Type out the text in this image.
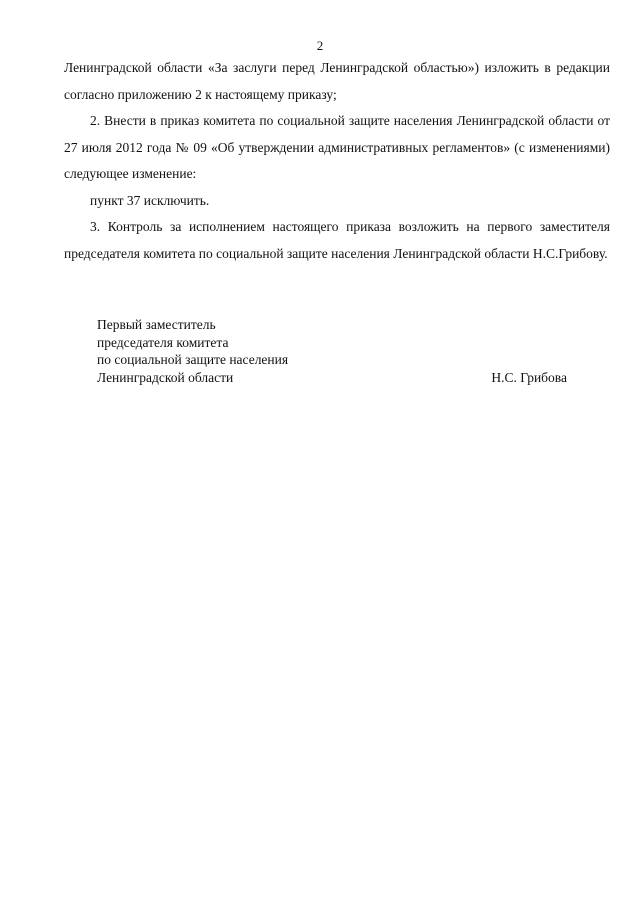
2

Ленинградской области «За заслуги перед Ленинградской областью») изложить в редакции согласно приложению 2 к настоящему приказу;

2. Внести в приказ комитета по социальной защите населения Ленинградской области от 27 июля 2012 года № 09 «Об утверждении административных регламентов» (с изменениями) следующее изменение:

пункт 37 исключить.

3. Контроль за исполнением настоящего приказа возложить на первого заместителя председателя комитета по социальной защите населения Ленинградской области Н.С.Грибову.

Первый заместитель
председателя комитета
по социальной защите населения
Ленинградской области	Н.С. Грибова
